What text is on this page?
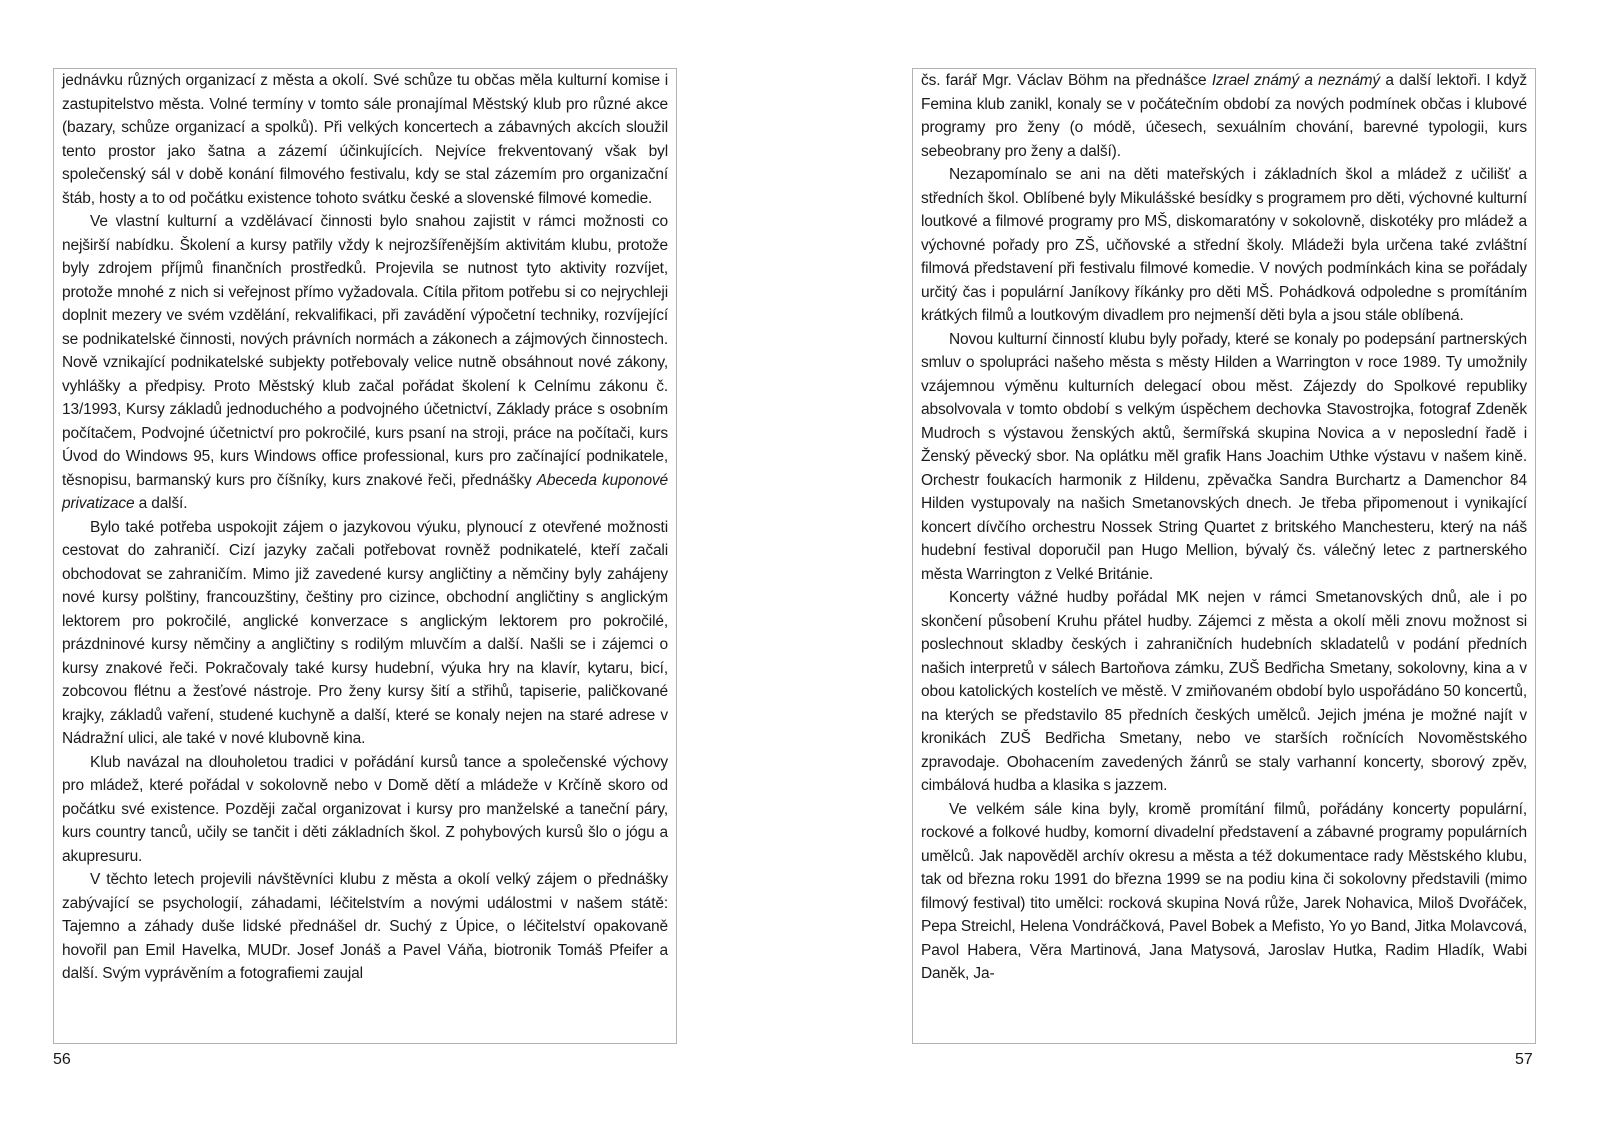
jednávku různých organizací z města a okolí. Své schůze tu občas měla kulturní komise i zastupitelstvo města. Volné termíny v tomto sále pronajímal Městský klub pro různé akce (bazary, schůze organizací a spolků). Při velkých koncertech a zábavných akcích sloužil tento prostor jako šatna a zázemí účinkujících. Nejvíce frekventovaný však byl společenský sál v době konání filmového festivalu, kdy se stal zázemím pro organizační štáb, hosty a to od počátku existence tohoto svátku české a slovenské filmové komedie.

Ve vlastní kulturní a vzdělávací činnosti bylo snahou zajistit v rámci možnosti co nejširší nabídku. Školení a kursy patřily vždy k nejrozšířenějším aktivitám klubu, protože byly zdrojem příjmů finančních prostředků. Projevila se nutnost tyto aktivity rozvíjet, protože mnohé z nich si veřejnost přímo vyžadovala. Cítila přitom potřebu si co nejrychleji doplnit mezery ve svém vzdělání, rekvalifikaci, při zavádění výpočetní techniky, rozvíjející se podnikatelské činnosti, nových právních normách a zákonech a zájmových činnostech. Nově vznikající podnikatelské subjekty potřebovaly velice nutně obsáhnout nové zákony, vyhlášky a předpisy. Proto Městský klub začal pořádat školení k Celnímu zákonu č. 13/1993, Kursy základů jednoduchého a podvojného účetnictví, Základy práce s osobním počítačem, Podvojné účetnictví pro pokročilé, kurs psaní na stroji, práce na počítači, kurs Úvod do Windows 95, kurs Windows office professional, kurs pro začínající podnikatele, těsnopisu, barmanský kurs pro číšníky, kurs znakové řeči, přednášky Abeceda kuponové privatizace a další.

Bylo také potřeba uspokojit zájem o jazykovou výuku, plynoucí z otevřené možnosti cestovat do zahraničí. Cizí jazyky začali potřebovat rovněž podnikatelé, kteří začali obchodovat se zahraničím. Mimo již zavedené kursy angličtiny a němčiny byly zahájeny nové kursy polštiny, francouzštiny, češtiny pro cizince, obchodní angličtiny s anglickým lektorem pro pokročilé, anglické konverzace s anglickým lektorem pro pokročilé, prázdninové kursy němčiny a angličtiny s rodilým mluvčím a další. Našli se i zájemci o kursy znakové řeči. Pokračovaly také kursy hudební, výuka hry na klavír, kytaru, bicí, zobcovou flétnu a žesťové nástroje. Pro ženy kursy šití a střihů, tapiserie, paličkované krajky, základů vaření, studené kuchyně a další, které se konaly nejen na staré adrese v Nádražní ulici, ale také v nové klubovně kina.

Klub navázal na dlouholetou tradici v pořádání kursů tance a společenské výchovy pro mládež, které pořádal v sokolovně nebo v Domě dětí a mládeže v Krčíně skoro od počátku své existence. Později začal organizovat i kursy pro manželské a taneční páry, kurs country tanců, učily se tančit i děti základních škol. Z pohybových kursů šlo o jógu a akupresuru.

V těchto letech projevili návštěvníci klubu z města a okolí velký zájem o přednášky zabývající se psychologií, záhadami, léčitelstvím a novými událostmi v našem státě: Tajemno a záhady duše lidské přednášel dr. Suchý z Úpice, o léčitelství opakovaně hovořil pan Emil Havelka, MUDr. Josef Jonáš a Pavel Váňa, biotronik Tomáš Pfeifer a další. Svým vyprávěním a fotografiemi zaujal

56

čs. farář Mgr. Václav Böhm na přednášce Izrael známý a neznámý a další lektoři. I když Femina klub zanikl, konaly se v počátečním období za nových podmínek občas i klubové programy pro ženy (o módě, účesech, sexuálním chování, barevné typologii, kurs sebeobrany pro ženy a další).

Nezapomínalo se ani na děti mateřských i základních škol a mládež z učilišť a středních škol. Oblíbené byly Mikulášské besídky s programem pro děti, výchovné kulturní loutkové a filmové programy pro MŠ, diskomaratóny v sokolovně, diskotéky pro mládež a výchovné pořady pro ZŠ, učňovské a střední školy. Mládeži byla určena také zvláštní filmová představení při festivalu filmové komedie. V nových podmínkách kina se pořádaly určitý čas i populární Janíkovy říkánky pro děti MŠ. Pohádková odpoledne s promítáním krátkých filmů a loutkovým divadlem pro nejmenší děti byla a jsou stále oblíbená.

Novou kulturní činností klubu byly pořady, které se konaly po podepsání partnerských smluv o spolupráci našeho města s městy Hilden a Warrington v roce 1989. Ty umožnily vzájemnou výměnu kulturních delegací obou měst. Zájezdy do Spolkové republiky absolvovala v tomto období s velkým úspěchem dechovka Stavostrojka, fotograf Zdeněk Mudroch s výstavou ženských aktů, šermířská skupina Novica a v neposlední řadě i Ženský pěvecký sbor. Na oplátku měl grafik Hans Joachim Uthke výstavu v našem kině. Orchestr foukacích harmonik z Hildenu, zpěvačka Sandra Burchartz a Damenchor 84 Hilden vystupovaly na našich Smetanovských dnech. Je třeba připomenout i vynikající koncert dívčího orchestru Nossek String Quartet z britského Manchesteru, který na náš hudební festival doporučil pan Hugo Mellion, bývalý čs. válečný letec z partnerského města Warrington z Velké Británie.

Koncerty vážné hudby pořádal MK nejen v rámci Smetanovských dnů, ale i po skončení působení Kruhu přátel hudby. Zájemci z města a okolí měli znovu možnost si poslechnout skladby českých i zahraničních hudebních skladatelů v podání předních našich interpretů v sálech Bartoňova zámku, ZUŠ Bedřicha Smetany, sokolovny, kina a v obou katolických kostelích ve městě. V zmiňovaném období bylo uspořádáno 50 koncertů, na kterých se představilo 85 předních českých umělců. Jejich jména je možné najít v kronikách ZUŠ Bedřicha Smetany, nebo ve starších ročnících Novoměstského zpravodaje. Obohacením zavedených žánrů se staly varhanní koncerty, sborový zpěv, cimbálová hudba a klasika s jazzem.

Ve velkém sále kina byly, kromě promítání filmů, pořádány koncerty populární, rockové a folkové hudby, komorní divadelní představení a zábavné programy populárních umělců. Jak napověděl archív okresu a města a též dokumentace rady Městského klubu, tak od března roku 1991 do března 1999 se na podiu kina či sokolovny představili (mimo filmový festival) tito umělci: rocková skupina Nová růže, Jarek Nohavica, Miloš Dvořáček, Pepa Streichl, Helena Vondráčková, Pavel Bobek a Mefisto, Yo yo Band, Jitka Molavcová, Pavol Habera, Věra Martinová, Jana Matysová, Jaroslav Hutka, Radim Hladík, Wabi Daněk, Ja-

57
